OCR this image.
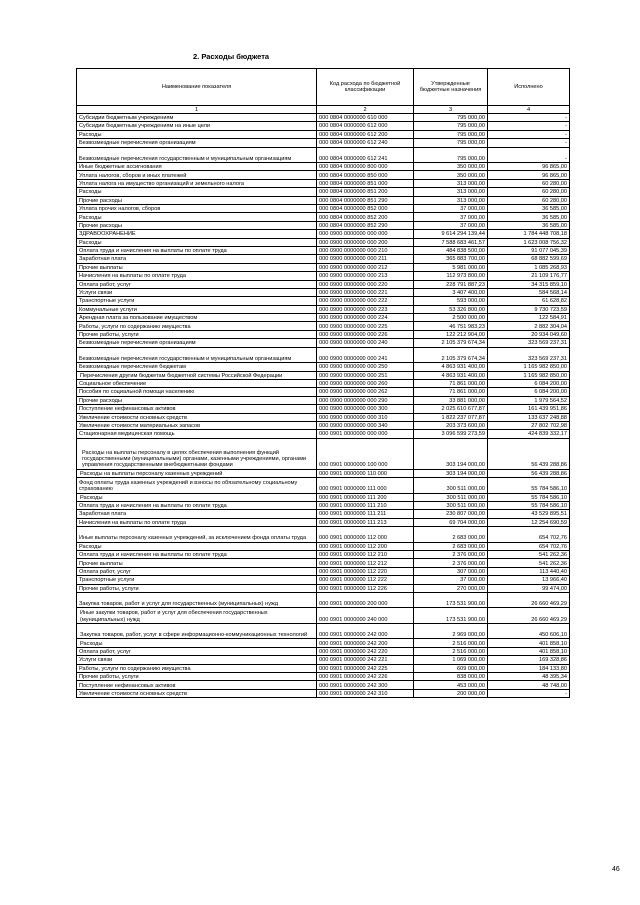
2. Расходы бюджета
Наименование показателя	Код расхода по бюджетной классификации	Утвержденные бюджетные назначения	Исполнено
1	2	3	4
Субсидии бюджетным учреждениям	000 0804 0000000 610 000	795 000,00	-
Субсидии бюджетным учреждениям на иные цели	000 0804 0000000 612 000	795 000,00	-
Расходы	000 0804 0000000 612 200	795 000,00	-
Безвозмездные перечисления организациям	000 0804 0000000 612 240	795 000,00	-
Безвозмездные перечисления государственным и муниципальным организациям	000 0804 0000000 612 241	795 000,00	-
Иные бюджетные ассигнования	000 0804 0000000 800 000	350 000,00	96 865,00
Уплата налогов, сборов и иных платежей	000 0804 0000000 850 000	350 000,00	96 865,00
Уплата налога на имущество организаций и земельного налога	000 0804 0000000 851 000	313 000,00	60 280,00
Расходы	000 0804 0000000 851 200	313 000,00	60 280,00
Прочие расходы	000 0804 0000000 851 290	313 000,00	60 280,00
Уплата прочих налогов, сборов	000 0804 0000000 852 000	37 000,00	36 585,00
Расходы	000 0804 0000000 852 200	37 000,00	36 585,00
Прочие расходы	000 0804 0000000 852 290	37 000,00	36 585,00
ЗДРАВООХРАНЕНИЕ	000 0900 0000000 000 000	9 614 294 139,44	1 784 448 708,18
Расходы	000 0900 0000000 000 200	7 588 683 461,57	1 623 008 756,32
Оплата труда и начисления на выплаты по оплате труда	000 0900 0000000 000 210	484 838 500,00	91 077 045,39
Заработная плата	000 0900 0000000 000 211	365 883 700,00	68 882 599,69
Прочие выплаты	000 0900 0000000 000 212	5 981 000,00	1 085 268,93
Начисления на выплаты по оплате труда	000 0900 0000000 000 213	112 973 800,00	21 109 176,77
Оплата работ, услуг	000 0900 0000000 000 220	228 791 887,23	34 315 859,10
Услуги связи	000 0900 0000000 000 221	3 407 400,00	584 568,14
Транспортные услуги	000 0900 0000000 000 222	593 000,00	61 628,82
Коммунальные услуги	000 0900 0000000 000 223	53 326 800,00	9 730 723,59
Арендная плата за пользование имуществом	000 0900 0000000 000 224	2 500 000,00	122 584,91
Работы, услуги по содержанию имущества	000 0900 0000000 000 225	46 751 983,23	2 882 304,04
Прочие работы, услуги	000 0900 0000000 000 226	122 212 904,00	20 934 049,60
Безвозмездные перечисления организациям	000 0900 0000000 000 240	2 105 379 674,34	323 569 237,31
Безвозмездные перечисления государственным и муниципальным организациям	000 0900 0000000 000 241	2 105 379 674,34	323 569 237,31
Безвозмездные перечисления бюджетам	000 0900 0000000 000 250	4 863 931 400,00	1 165 982 850,00
Перечисления другим бюджетам бюджетной системы Российской Федерации	000 0900 0000000 000 251	4 863 931 400,00	1 165 982 850,00
Социальное обеспечение	000 0900 0000000 000 260	71 861 000,00	6 084 200,00
Пособия по социальной помощи населению	000 0900 0000000 000 262	71 861 000,00	6 084 200,00
Прочие расходы	000 0900 0000000 000 290	33 881 000,00	1 979 564,52
Поступление нефинансовых активов	000 0900 0000000 000 300	2 025 610 677,87	161 439 951,86
Увеличение стоимости основных средств	000 0900 0000000 000 310	1 822 237 077,87	133 637 248,88
Увеличение стоимости материальных запасов	000 0900 0000000 000 340	203 373 600,00	27 802 702,98
Стационарная медицинская помощь	000 0901 0000000 000 000	3 096 599 273,59	424 839 332,17
Расходы на выплаты персоналу в целях обеспечения выполнения функций государственными (муниципальными) органами, казенными учреждениями, органами управления государственными внебюджетными фондами	000 0901 0000000 100 000	303 194 000,00	56 439 288,86
Расходы на выплаты персоналу казенных учреждений	000 0901 0000000 110 000	303 194 000,00	56 439 288,86
Фонд оплаты труда казенных учреждений и взносы по обязательному социальному страхованию	000 0901 0000000 111 000	300 511 000,00	55 784 586,10
Расходы	000 0901 0000000 111 200	300 511 000,00	55 784 586,10
Оплата труда и начисления на выплаты по оплате труда	000 0901 0000000 111 210	300 511 000,00	55 784 586,10
Заработная плата	000 0901 0000000 111 211	230 807 000,00	43 529 895,51
Начисления на выплаты по оплате труда	000 0901 0000000 111 213	69 704 000,00	12 254 690,59
Иные выплаты персоналу казенных учреждений, за исключением фонда оплаты труда	000 0901 0000000 112 000	2 683 000,00	654 702,76
Расходы	000 0901 0000000 112 200	2 683 000,00	654 702,76
Оплата труда и начисления на выплаты по оплате труда	000 0901 0000000 112 210	2 376 000,00	541 262,36
Прочие выплаты	000 0901 0000000 112 212	2 376 000,00	541 262,36
Оплата работ, услуг	000 0901 0000000 112 220	307 000,00	113 440,40
Транспортные услуги	000 0901 0000000 112 222	37 000,00	13 966,40
Прочие работы, услуги	000 0901 0000000 112 226	270 000,00	99 474,00
Закупка товаров, работ и услуг для государственных (муниципальных) нужд	000 0901 0000000 200 000	173 531 900,00	26 660 469,29
Иные закупки товаров, работ и услуг для обеспечения государственных (муниципальных) нужд	000 0901 0000000 240 000	173 531 900,00	26 660 469,29
Закупка товаров, работ, услуг в сфере информационно-коммуникационных технологий	000 0901 0000000 242 000	2 969 000,00	450 606,10
Расходы	000 0901 0000000 242 200	2 516 000,00	401 858,10
Оплата работ, услуг	000 0901 0000000 242 220	2 516 000,00	401 858,10
Услуги связи	000 0901 0000000 242 221	1 069 000,00	169 328,86
Работы, услуги по содержанию имущества	000 0901 0000000 242 225	609 000,00	184 133,80
Прочие работы, услуги	000 0901 0000000 242 226	838 000,00	48 395,34
Поступление нефинансовых активов	000 0901 0000000 242 300	453 000,00	48 748,00
Увеличение стоимости основных средств	000 0901 0000000 242 310	200 000,00	-
46
